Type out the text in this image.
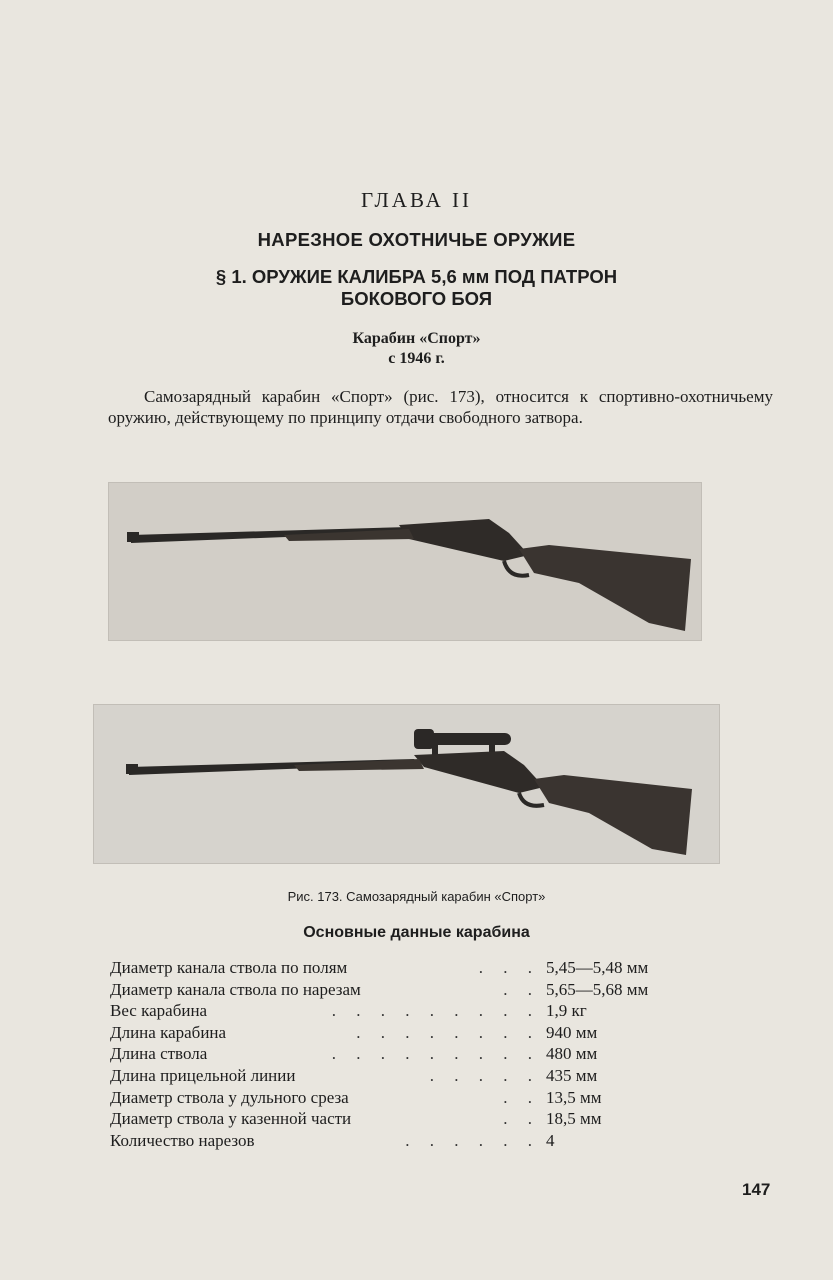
ГЛАВА II
НАРЕЗНОЕ ОХОТНИЧЬЕ ОРУЖИЕ
§ 1. ОРУЖИЕ КАЛИБРА 5,6 мм ПОД ПАТРОН
БОКОВОГО БОЯ
Карабин «Спорт»
с 1946 г.
Самозарядный карабин «Спорт» (рис. 173), относится к спортивно-охотничьему оружию, действующему по принципу отдачи свободного затвора.
Рис. 173. Самозарядный карабин «Спорт»
Основные данные карабина
Диаметр канала ствола по полям	. . . 5,45—5,48 мм
Диаметр канала ствола по нарезам	. . 5,65—5,68 мм
Вес карабина	. . . . . . . . . 1,9 кг
Длина карабина	. . . . . . . . 940 мм
Длина ствола	. . . . . . . . . 480 мм
Длина прицельной линии	. . . . . 435 мм
Диаметр ствола у дульного среза	. . 13,5 мм
Диаметр ствола у казенной части	. . 18,5 мм
Количество нарезов	. . . . . . 4
147
